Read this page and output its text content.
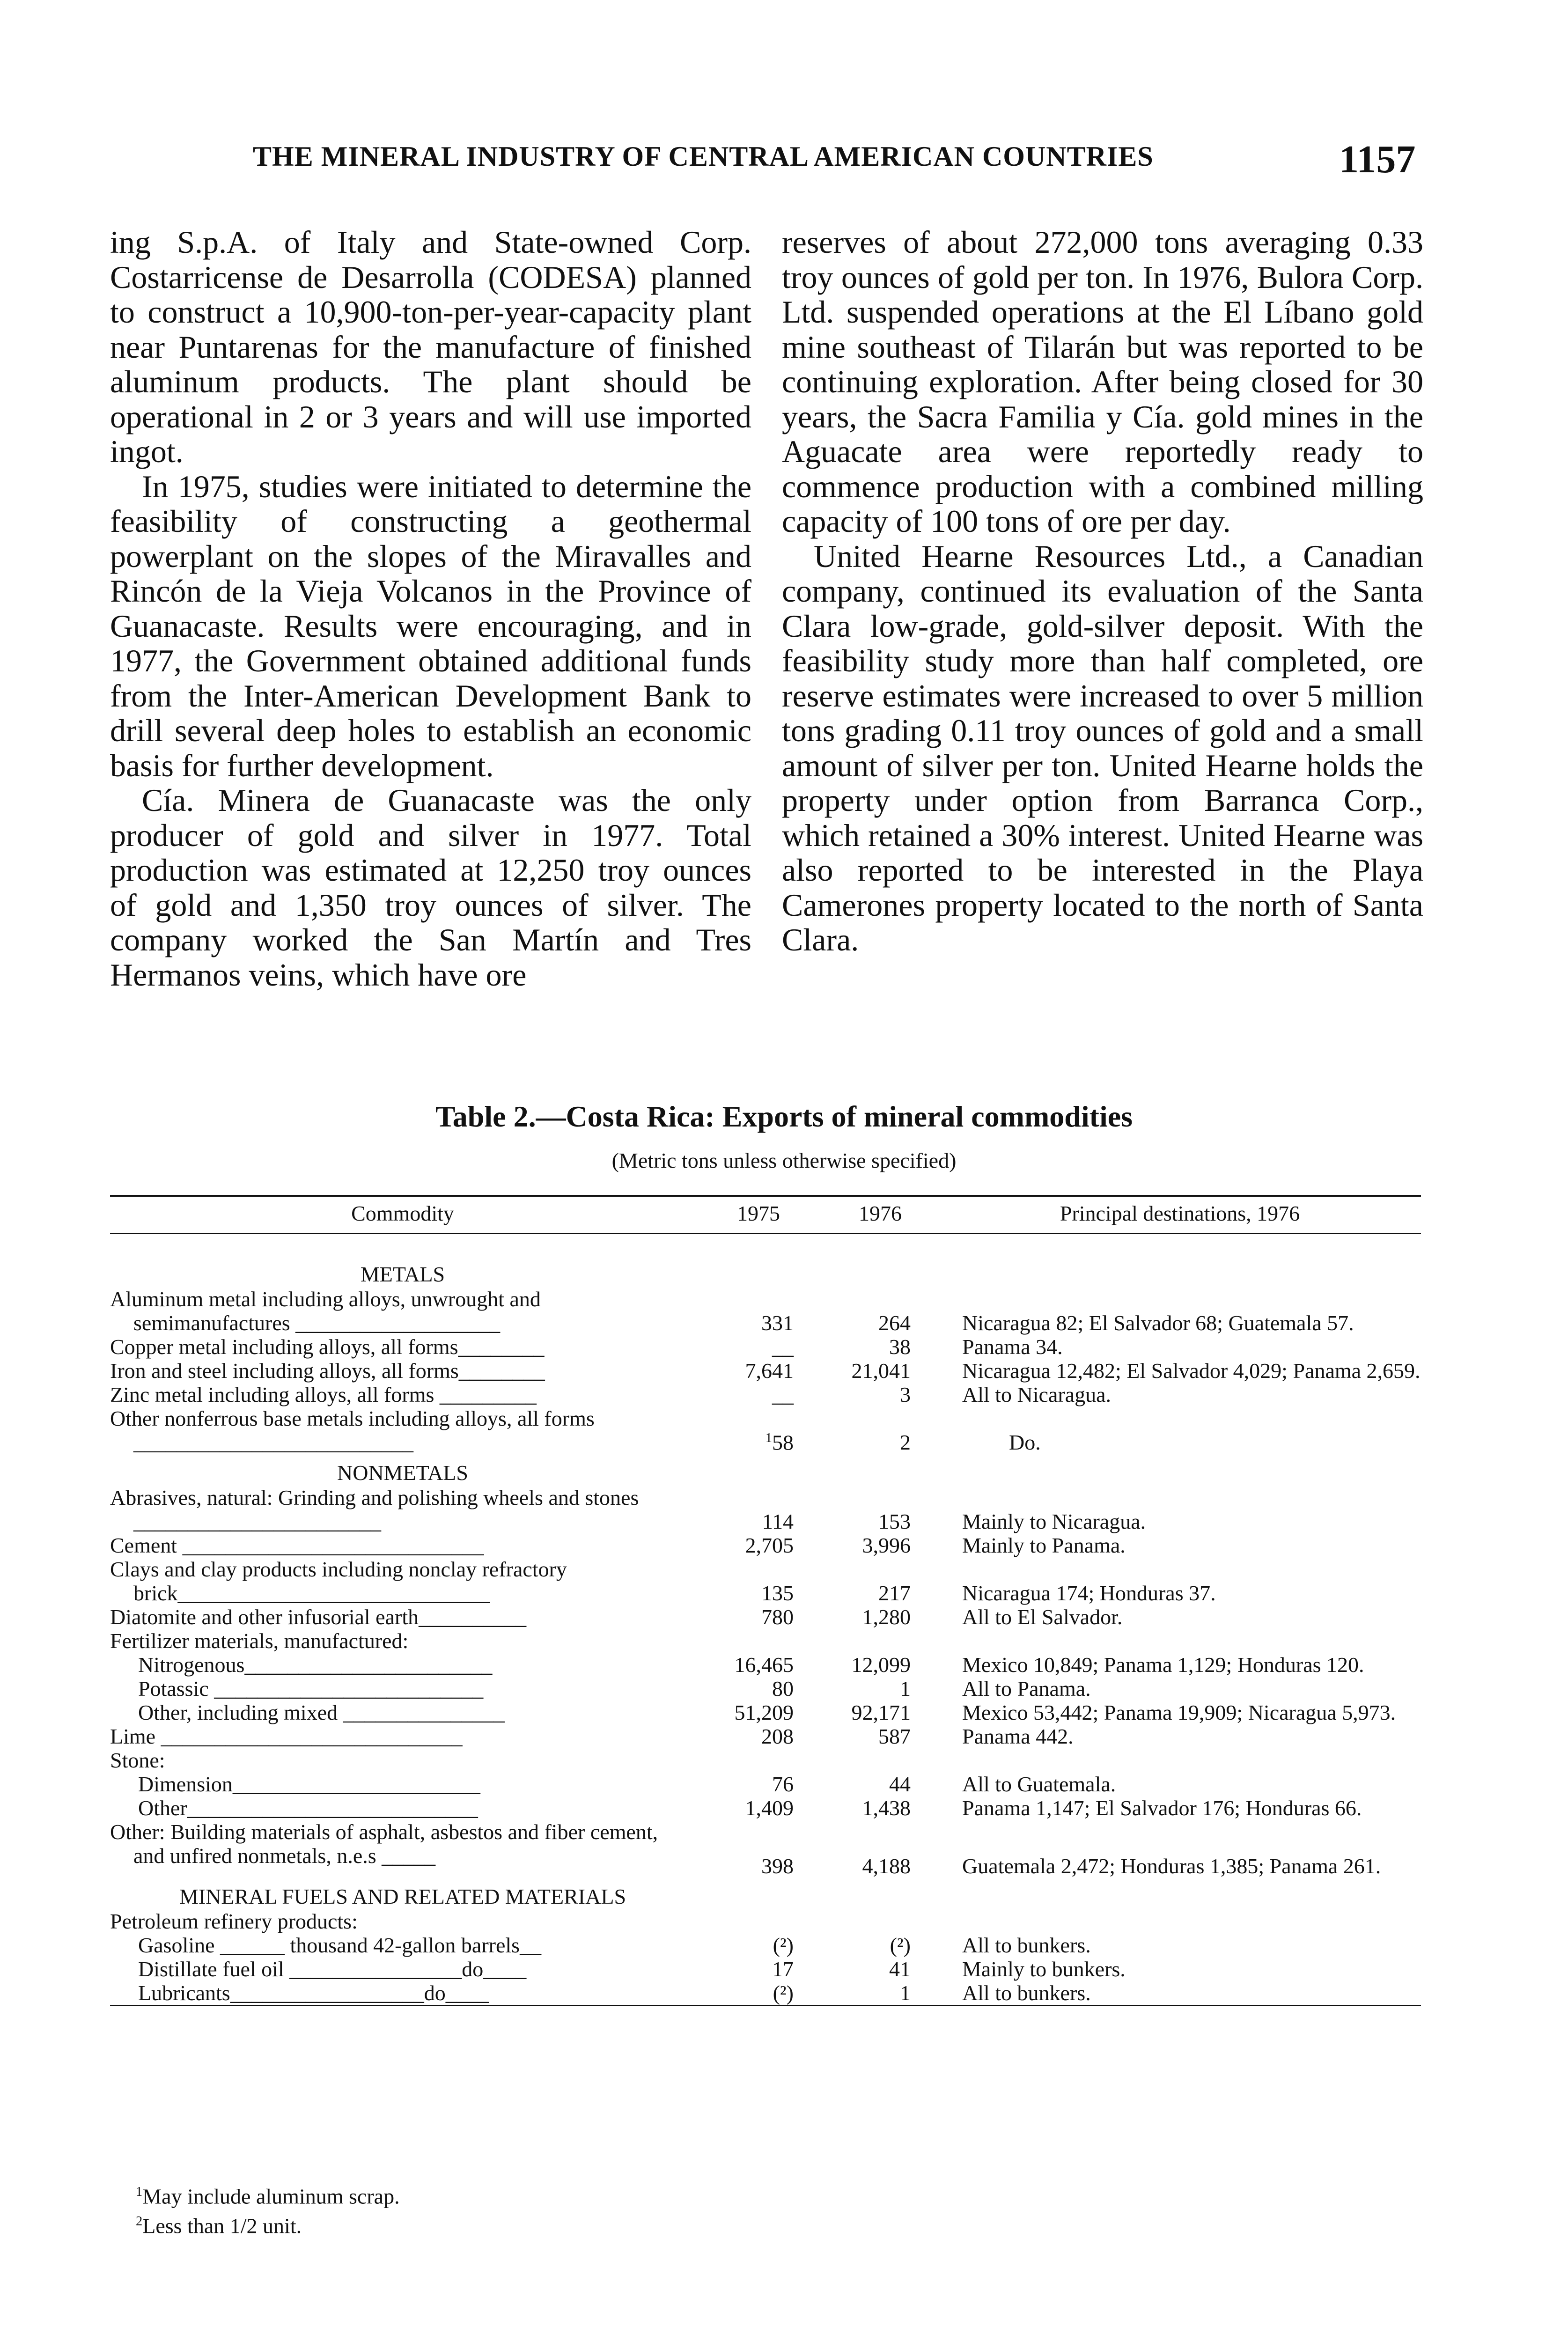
THE MINERAL INDUSTRY OF CENTRAL AMERICAN COUNTRIES	1157

ing S.p.A. of Italy and State-owned Corp. Costarricense de Desarrolla (CODESA) planned to construct a 10,900-ton-per-year-capacity plant near Puntarenas for the manufacture of finished aluminum products. The plant should be operational in 2 or 3 years and will use imported ingot.

In 1975, studies were initiated to determine the feasibility of constructing a geothermal powerplant on the slopes of the Miravalles and Rincón de la Vieja Volcanos in the Province of Guanacaste. Results were encouraging, and in 1977, the Government obtained additional funds from the Inter-American Development Bank to drill several deep holes to establish an economic basis for further development.

Cía. Minera de Guanacaste was the only producer of gold and silver in 1977. Total production was estimated at 12,250 troy ounces of gold and 1,350 troy ounces of silver. The company worked the San Martín and Tres Hermanos veins, which have ore

reserves of about 272,000 tons averaging 0.33 troy ounces of gold per ton. In 1976, Bulora Corp. Ltd. suspended operations at the El Líbano gold mine southeast of Tilarán but was reported to be continuing exploration. After being closed for 30 years, the Sacra Familia y Cía. gold mines in the Aguacate area were reportedly ready to commence production with a combined milling capacity of 100 tons of ore per day.

United Hearne Resources Ltd., a Canadian company, continued its evaluation of the Santa Clara low-grade, gold-silver deposit. With the feasibility study more than half completed, ore reserve estimates were increased to over 5 million tons grading 0.11 troy ounces of gold and a small amount of silver per ton. United Hearne holds the property under option from Barranca Corp., which retained a 30% interest. United Hearne was also reported to be interested in the Playa Camerones property located to the north of Santa Clara.

Table 2.—Costa Rica: Exports of mineral commodities
(Metric tons unless otherwise specified)
Commodity	1975	1976	Principal destinations, 1976
METALS			

Aluminum metal including alloys, unwrought and semimanufactures ___________________	331	264	Nicaragua 82; El Salvador 68; Guatemala 57.

Copper metal including alloys, all forms________	__	38	Panama 34.

Iron and steel including alloys, all forms________	7,641	21,041	Nicaragua 12,482; El Salvador 4,029; Panama 2,659.

Zinc metal including alloys, all forms _________	__	3	All to Nicaragua.

Other nonferrous base metals including alloys, all forms __________________________	$^1$58	2	Do.

NONMETALS			

Abrasives, natural: Grinding and polishing wheels and stones _______________________	114	153	Mainly to Nicaragua.

Cement ____________________________	2,705	3,996	Mainly to Panama.

Clays and clay products including nonclay refractory brick_____________________________	135	217	Nicaragua 174; Honduras 37.

Diatomite and other infusorial earth__________	780	1,280	All to El Salvador.

Fertilizer materials, manufactured:			
Nitrogenous_______________________	16,465	12,099	Mexico 10,849; Panama 1,129; Honduras 120.

Potassic _________________________	80	1	All to Panama.

Other, including mixed _______________	51,209	92,171	Mexico 53,442; Panama 19,909; Nicaragua 5,973.

Lime ____________________________	208	587	Panama 442.

Stone:			
Dimension_______________________	76	44	All to Guatemala.

Other___________________________	1,409	1,438	Panama 1,147; El Salvador 176; Honduras 66.

Other: Building materials of asphalt, asbestos and fiber cement, and unfired nonmetals, n.e.s _____	398	4,188	Guatemala 2,472; Honduras 1,385; Panama 261.

MINERAL FUELS AND RELATED MATERIALS			
Petroleum refinery products:			
Gasoline ______ thousand 42-gallon barrels__	(²)	(²)	All to bunkers.

Distillate fuel oil ________________do____	17	41	Mainly to bunkers.

Lubricants__________________do____	(²)	1	All to bunkers.
$^1$May include aluminum scrap.
$^2$Less than 1/2 unit.
